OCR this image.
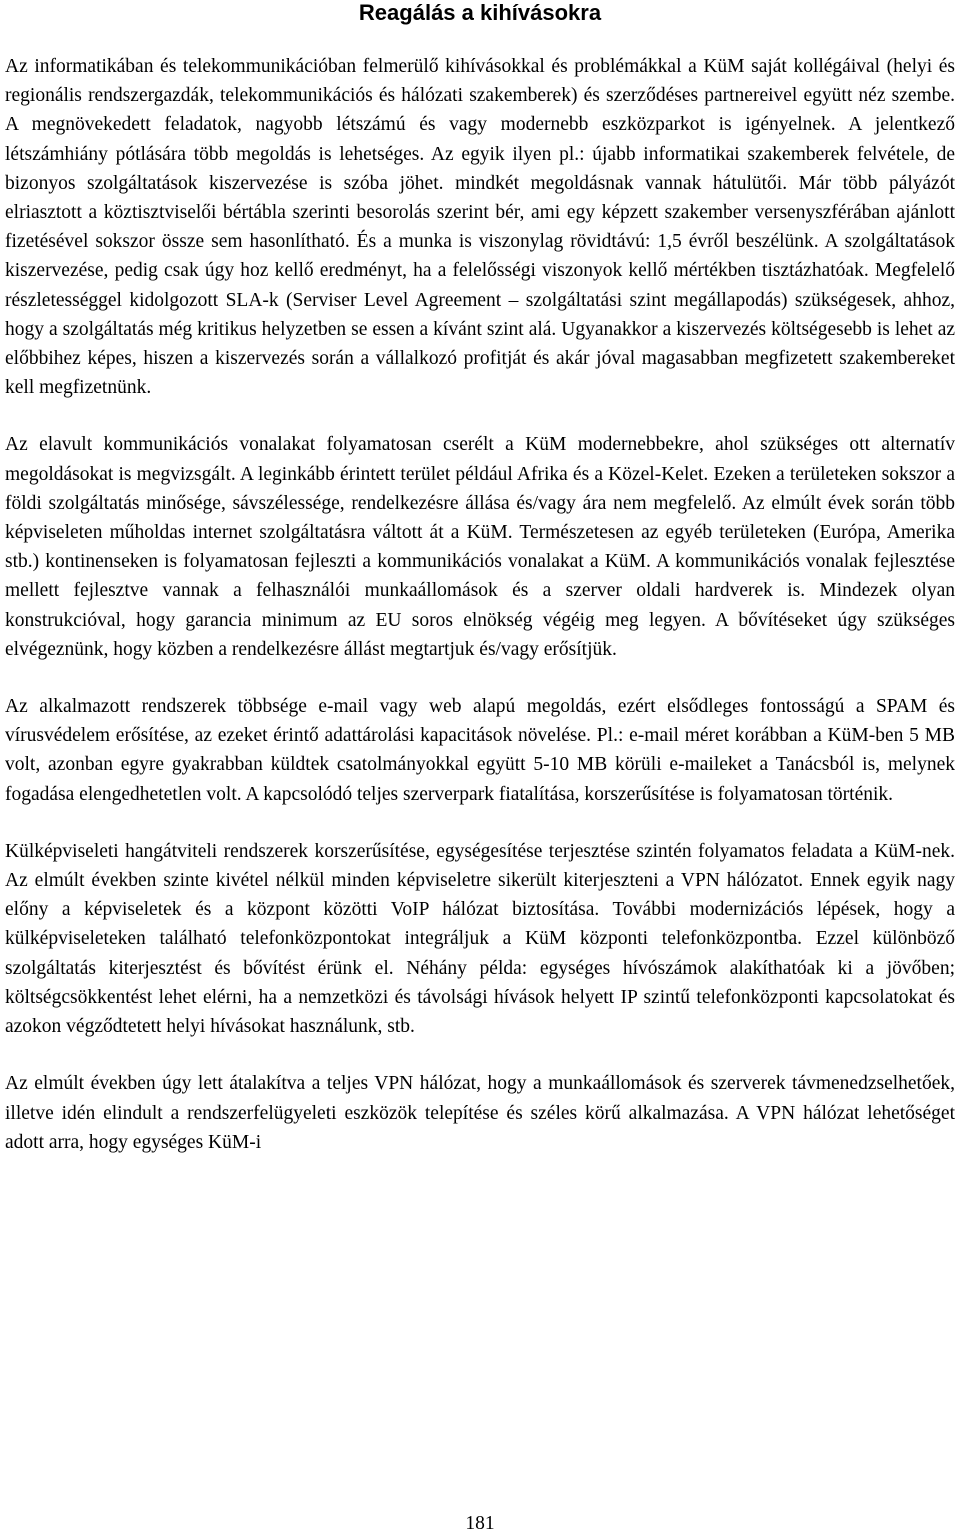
Reagálás a kihívásokra

Az informatikában és telekommunikációban felmerülő kihívásokkal és problémákkal a KüM saját kollégáival (helyi és regionális rendszergazdák, telekommunikációs és hálózati szakemberek) és szerződéses partnereivel együtt néz szembe. A megnövekedett feladatok, nagyobb létszámú és vagy modernebb eszközparkot is igényelnek. A jelentkező létszámhiány pótlására több megoldás is lehetséges. Az egyik ilyen pl.: újabb informatikai szakemberek felvétele, de bizonyos szolgáltatások kiszervezése is szóba jöhet. mindkét megoldásnak vannak hátulütői. Már több pályázót elriasztott a köztisztviselői bértábla szerinti besorolás szerint bér, ami egy képzett szakember versenyszférában ajánlott fizetésével sokszor össze sem hasonlítható. És a munka is viszonylag rövidtávú: 1,5 évről beszélünk. A szolgáltatások kiszervezése, pedig csak úgy hoz kellő eredményt, ha a felelősségi viszonyok kellő mértékben tisztázhatóak. Megfelelő részletességgel kidolgozott SLA-k (Serviser Level Agreement – szolgáltatási szint megállapodás) szükségesek, ahhoz, hogy a szolgáltatás még kritikus helyzetben se essen a kívánt szint alá. Ugyanakkor a kiszervezés költségesebb is lehet az előbbihez képes, hiszen a kiszervezés során a vállalkozó profitját és akár jóval magasabban megfizetett szakembereket kell megfizetnünk.

Az elavult kommunikációs vonalakat folyamatosan cserélt a KüM modernebbekre, ahol szükséges ott alternatív megoldásokat is megvizsgált. A leginkább érintett terület például Afrika és a Közel-Kelet. Ezeken a területeken sokszor a földi szolgáltatás minősége, sávszélessége, rendelkezésre állása és/vagy ára nem megfelelő. Az elmúlt évek során több képviseleten műholdas internet szolgáltatásra váltott át a KüM. Természetesen az egyéb területeken (Európa, Amerika stb.) kontinenseken is folyamatosan fejleszti a kommunikációs vonalakat a KüM. A kommunikációs vonalak fejlesztése mellett fejlesztve vannak a felhasználói munkaállomások és a szerver oldali hardverek is. Mindezek olyan konstrukcióval, hogy garancia minimum az EU soros elnökség végéig meg legyen. A bővítéseket úgy szükséges elvégeznünk, hogy közben a rendelkezésre állást megtartjuk és/vagy erősítjük.

Az alkalmazott rendszerek többsége e-mail vagy web alapú megoldás, ezért elsődleges fontosságú a SPAM és vírusvédelem erősítése, az ezeket érintő adattárolási kapacitások növelése. Pl.: e-mail méret korábban a KüM-ben 5 MB volt, azonban egyre gyakrabban küldtek csatolmányokkal együtt 5-10 MB körüli e-maileket a Tanácsból is, melynek fogadása elengedhetetlen volt. A kapcsolódó teljes szerverpark fiatalítása, korszerűsítése is folyamatosan történik.

Külképviseleti hangátviteli rendszerek korszerűsítése, egységesítése terjesztése szintén folyamatos feladata a KüM-nek. Az elmúlt években szinte kivétel nélkül minden képviseletre sikerült kiterjeszteni a VPN hálózatot. Ennek egyik nagy előny a képviseletek és a központ közötti VoIP hálózat biztosítása. További modernizációs lépések, hogy a külképviseleteken található telefonközpontokat integráljuk a KüM központi telefonközpontba. Ezzel különböző szolgáltatás kiterjesztést és bővítést érünk el. Néhány példa: egységes hívószámok alakíthatóak ki a jövőben; költségcsökkentést lehet elérni, ha a nemzetközi és távolsági hívások helyett IP szintű telefonközponti kapcsolatokat és azokon végződtetett helyi hívásokat használunk, stb.

Az elmúlt években úgy lett átalakítva a teljes VPN hálózat, hogy a munkaállomások és szerverek távmenedzselhetőek, illetve idén elindult a rendszerfelügyeleti eszközök telepítése és széles körű alkalmazása. A VPN hálózat lehetőséget adott arra, hogy egységes KüM-i

181
